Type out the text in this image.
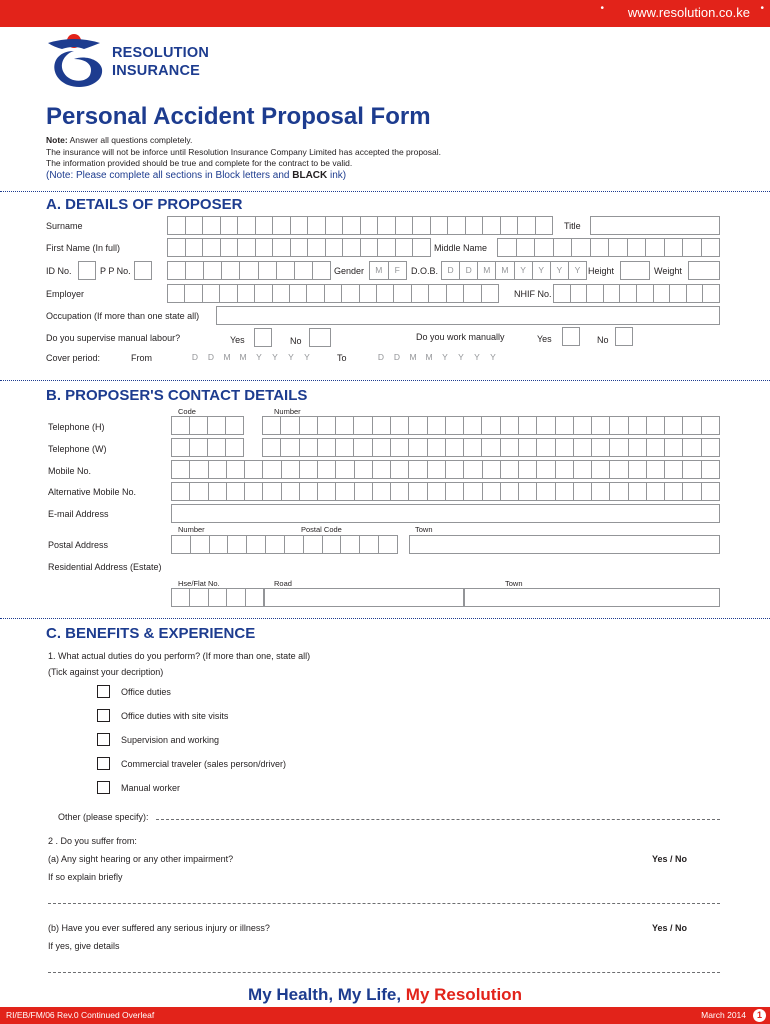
• www.resolution.co.ke •
RESOLUTION
INSURANCE
Personal Accident Proposal Form
Note: Answer all questions completely.
The insurance will not be inforce until Resolution Insurance Company Limited has accepted the proposal.
The information provided should be true and complete for the contract to be valid.
(Note: Please complete all sections in Block letters and BLACK ink)
A. DETAILS OF PROPOSER
Surname	Title
First Name (In full)	Middle Name
ID No.	P P No.	Gender	M	F	D.O.B.	D	D	M	M	Y	Y	Y	Y Height	Weight
Employer	NHIF No.
Occupation (If more than one state all)
Do you supervise manual labour?	Yes	No	Do you work manually	Yes	No
Cover period:	From	D	D	M	M	Y	Y	Y	Y	To	D	D	M	M	Y	Y	Y	Y
B. PROPOSER'S CONTACT DETAILS
Code	Number
Telephone (H)
Telephone (W)
Mobile No.
Alternative Mobile No.
E-mail Address
Number	Postal Code	Town
Postal Address
Residential Address (Estate)
Hse/Flat No.	Road	Town
C. BENEFITS & EXPERIENCE
1. What actual duties do you perform? (If more than one, state all)
(Tick against your decription)
Office duties
Office duties with site visits
Supervision and working
Commercial traveler (sales person/driver)
Manual worker
Other (please specify):
2 . Do you suffer from:
(a) Any sight hearing or any other impairment?	Yes / No
If so explain briefly
(b) Have you ever suffered any serious injury or illness?	Yes / No
If yes, give details
My Health, My Life, My Resolution
RI/EB/FM/06 Rev.0 Continued Overleaf	March 2014	1
